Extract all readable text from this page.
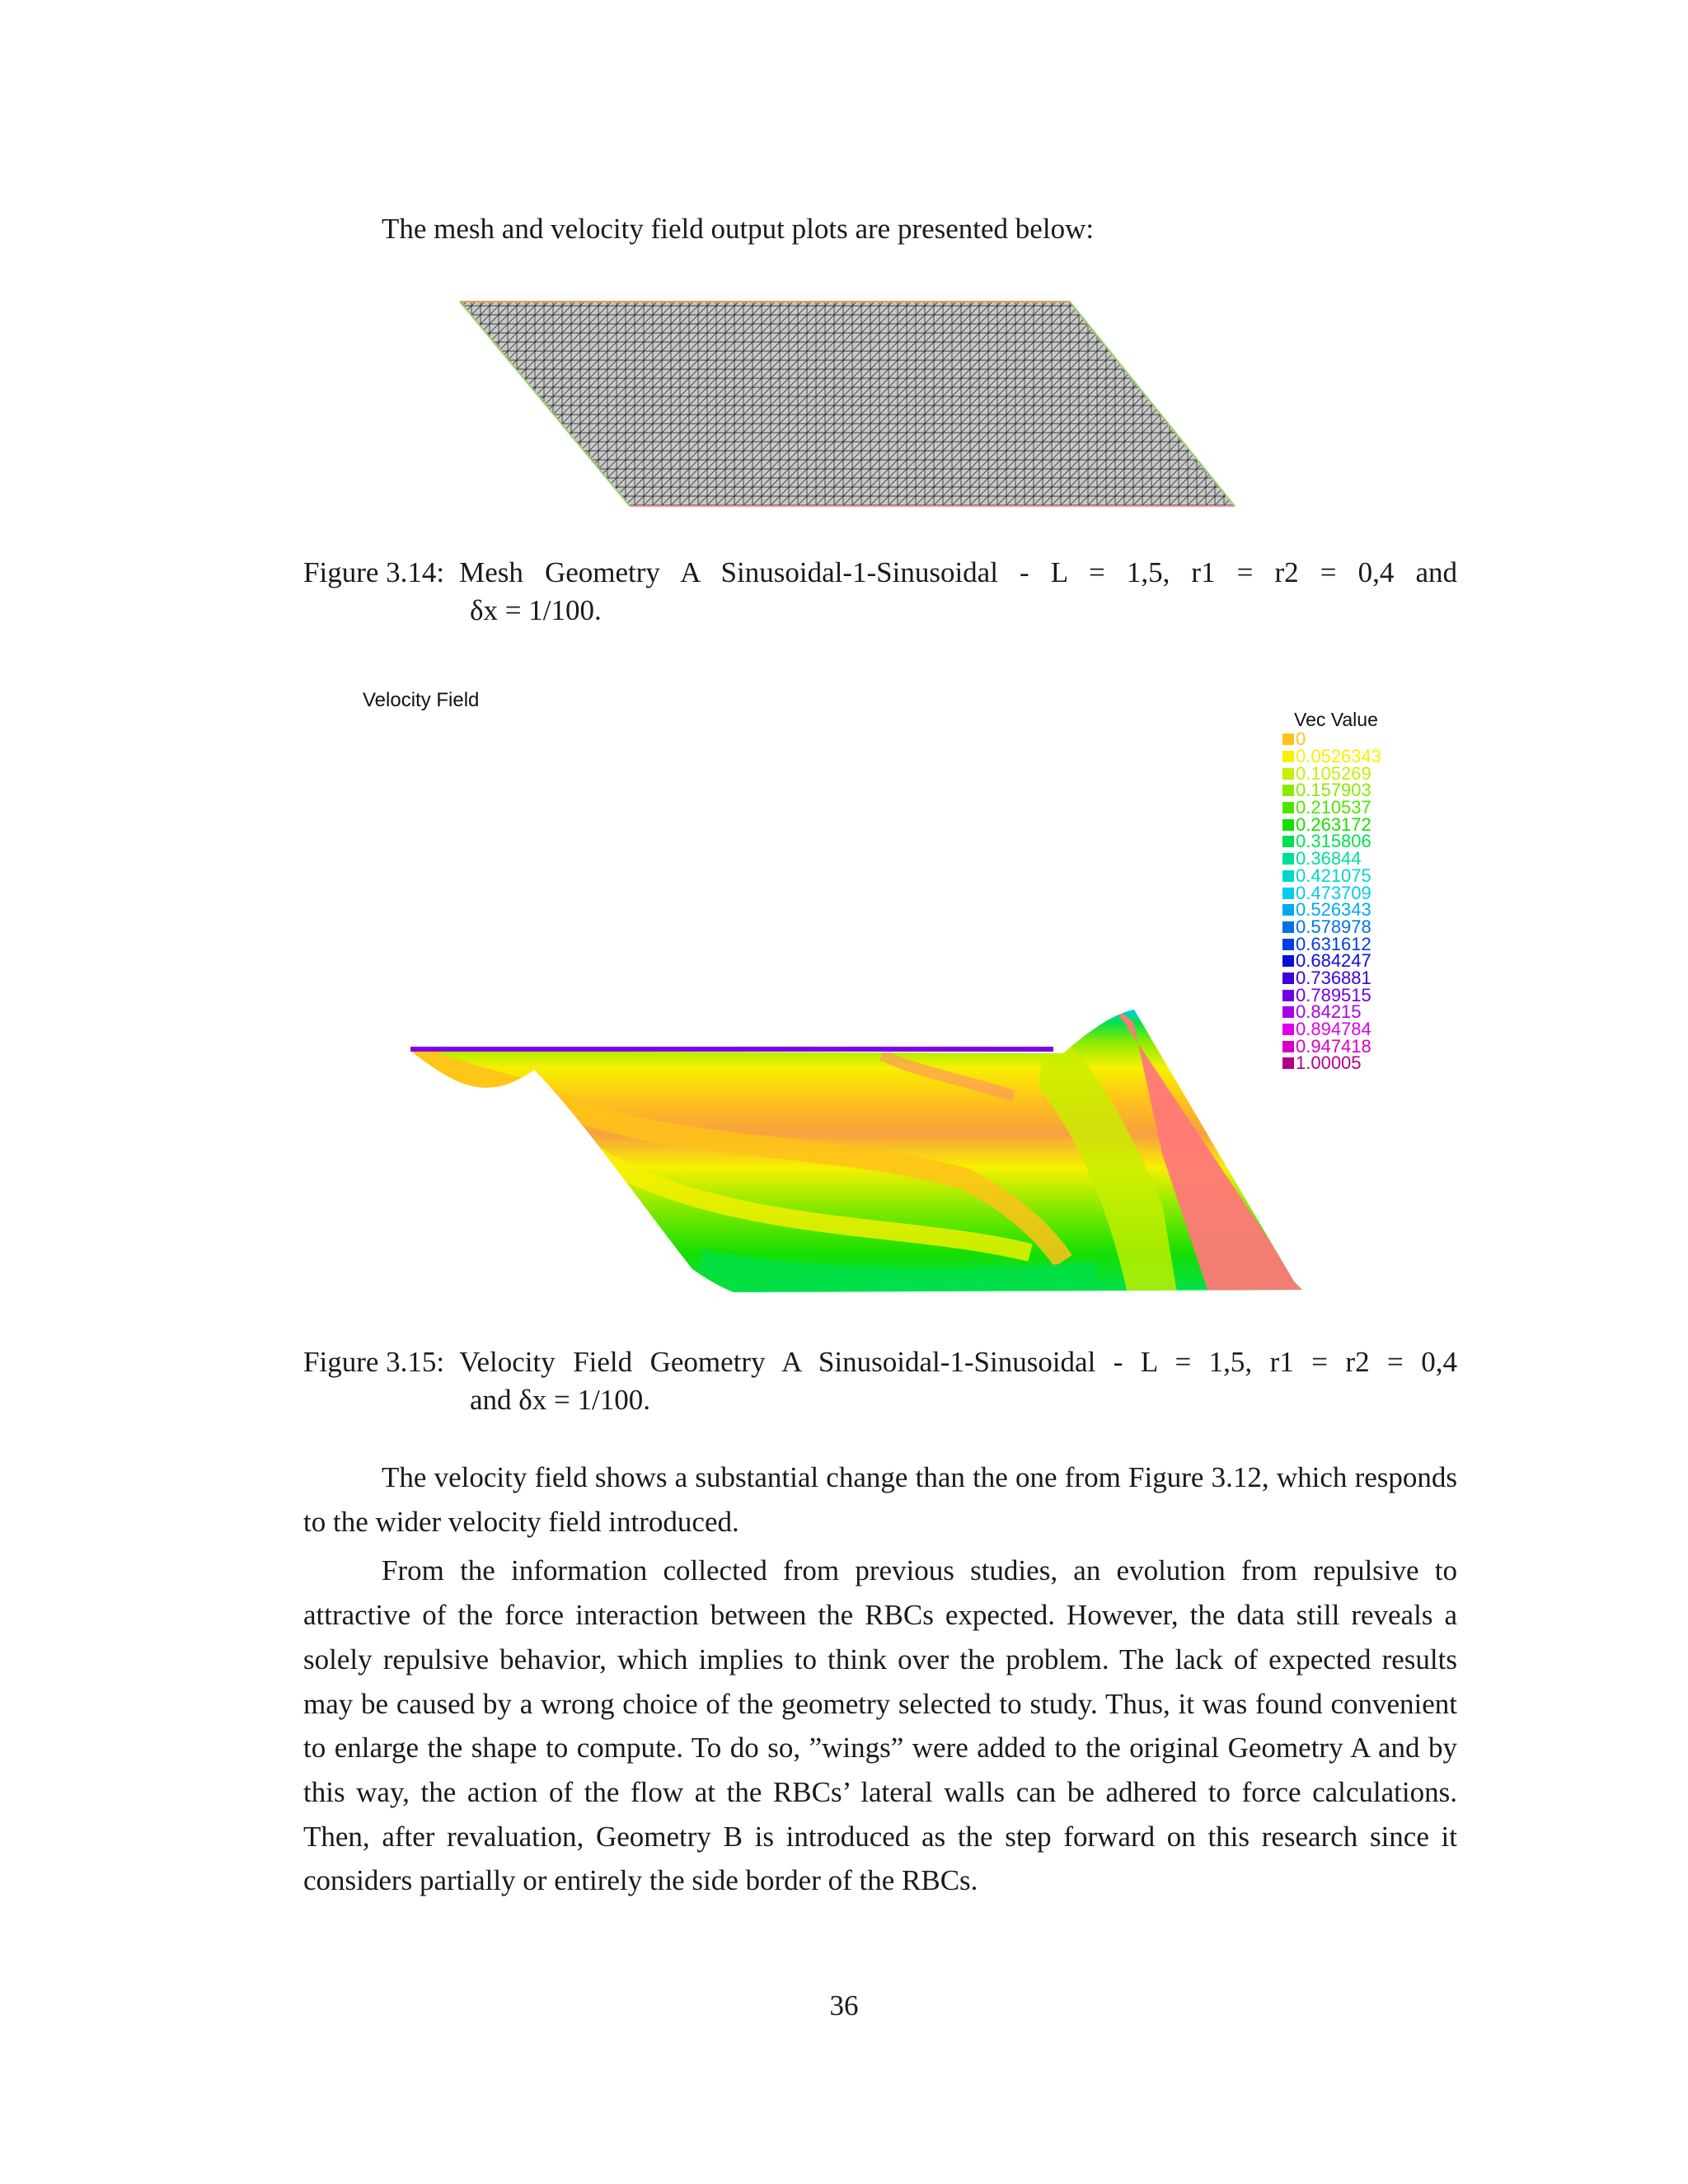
The mesh and velocity field output plots are presented below:

Figure 3.14: Mesh Geometry A Sinusoidal-1-Sinusoidal - L = 1,5, r1 = r2 = 0,4 and
δx = 1/100.
Velocity Field
Vec Value
0
0.0526343
0.105269
0.157903
0.210537
0.263172
0.315806
0.36844
0.421075
0.473709
0.526343
0.578978
0.631612
0.684247
0.736881
0.789515
0.84215
0.894784
0.947418
1.00005
Figure 3.15: Velocity Field Geometry A Sinusoidal-1-Sinusoidal - L = 1,5, r1 = r2 = 0,4
and δx = 1/100.

The velocity field shows a substantial change than the one from Figure 3.12, which responds to the wider velocity field introduced.

From the information collected from previous studies, an evolution from repulsive to attractive of the force interaction between the RBCs expected. However, the data still reveals a solely repulsive behavior, which implies to think over the problem. The lack of expected results may be caused by a wrong choice of the geometry selected to study. Thus, it was found convenient to enlarge the shape to compute. To do so, ”wings” were added to the original Geometry A and by this way, the action of the flow at the RBCs’ lateral walls can be adhered to force calculations. Then, after revaluation, Geometry B is introduced as the step forward on this research since it considers partially or entirely the side border of the RBCs.

36
